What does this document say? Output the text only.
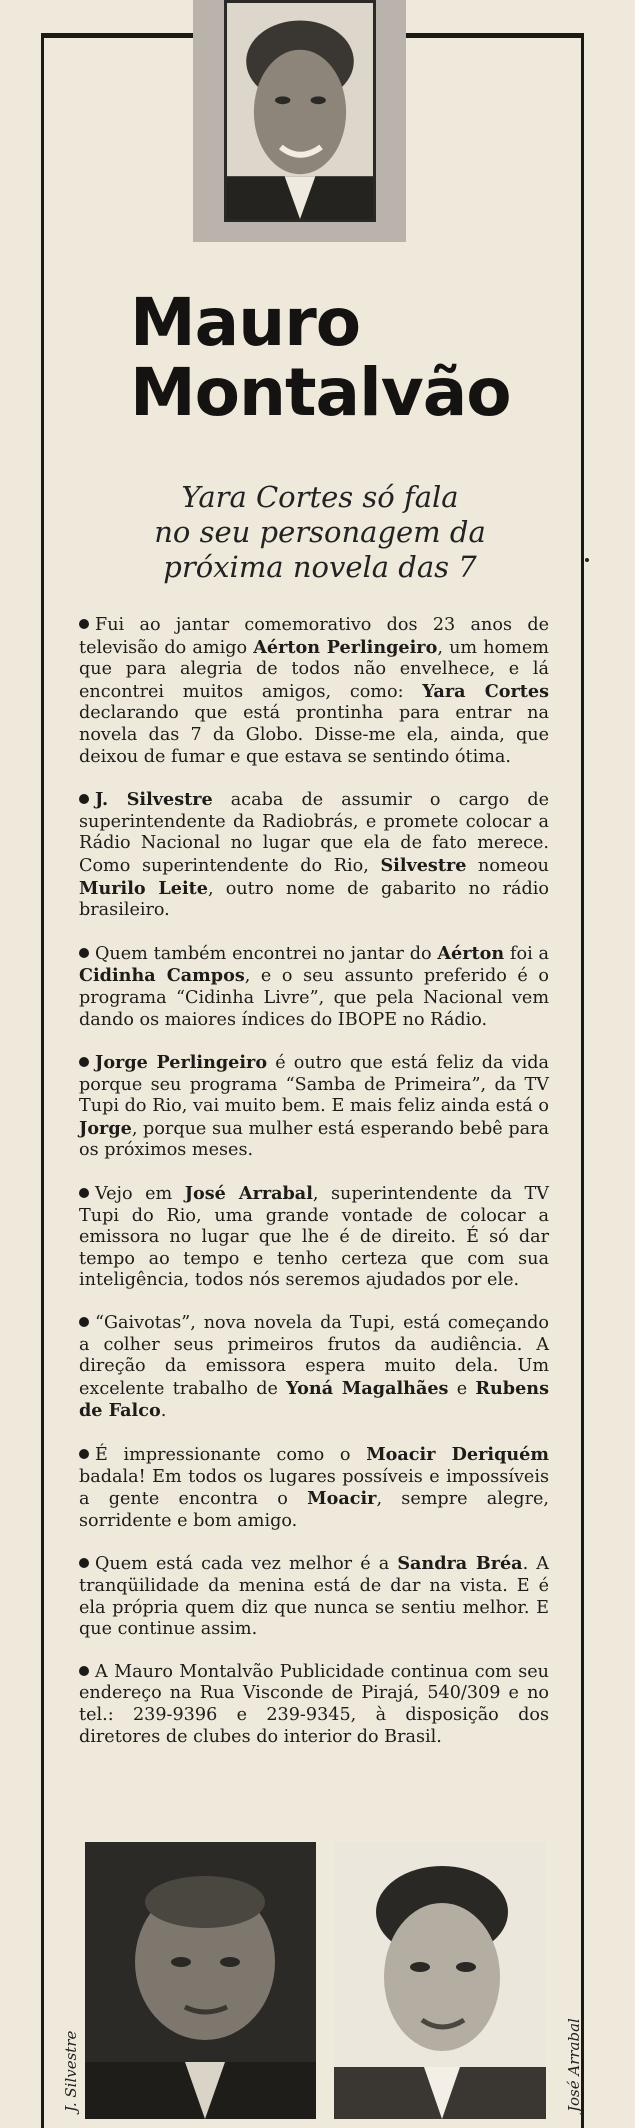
Mauro
Montalvão
Yara Cortes só fala
no seu personagem da
próxima novela das 7

Fui ao jantar comemorativo dos 23 anos de televisão do amigo Aérton Perlingeiro, um homem que para alegria de todos não envelhece, e lá encontrei muitos amigos, como: Yara Cortes declarando que está prontinha para entrar na novela das 7 da Globo. Disse-me ela, ainda, que deixou de fumar e que estava se sentindo ótima.

J. Silvestre acaba de assumir o cargo de superintendente da Radiobrás, e promete colocar a Rádio Nacional no lugar que ela de fato merece. Como superintendente do Rio, Silvestre nomeou Murilo Leite, outro nome de gabarito no rádio brasileiro.

Quem também encontrei no jantar do Aérton foi a Cidinha Campos, e o seu assunto preferido é o programa “Cidinha Livre”, que pela Nacional vem dando os maiores índices do IBOPE no Rádio.

Jorge Perlingeiro é outro que está feliz da vida porque seu programa “Samba de Primeira”, da TV Tupi do Rio, vai muito bem. E mais feliz ainda está o Jorge, porque sua mulher está esperando bebê para os próximos meses.

Vejo em José Arrabal, superintendente da TV Tupi do Rio, uma grande vontade de colocar a emissora no lugar que lhe é de direito. É só dar tempo ao tempo e tenho certeza que com sua inteligência, todos nós seremos ajudados por ele.

“Gaivotas”, nova novela da Tupi, está começando a colher seus primeiros frutos da audiência. A direção da emissora espera muito dela. Um excelente trabalho de Yoná Magalhães e Rubens de Falco.

É impressionante como o Moacir Deriquém badala! Em todos os lugares possíveis e impossíveis a gente encontra o Moacir, sempre alegre, sorridente e bom amigo.

Quem está cada vez melhor é a Sandra Bréa. A tranqüilidade da menina está de dar na vista. E é ela própria quem diz que nunca se sentiu melhor. E que continue assim.

A Mauro Montalvão Publicidade continua com seu endereço na Rua Visconde de Pirajá, 540/309 e no tel.: 239-9396 e 239-9345, à disposição dos diretores de clubes do interior do Brasil.

J. Silvestre	José Arrabal
